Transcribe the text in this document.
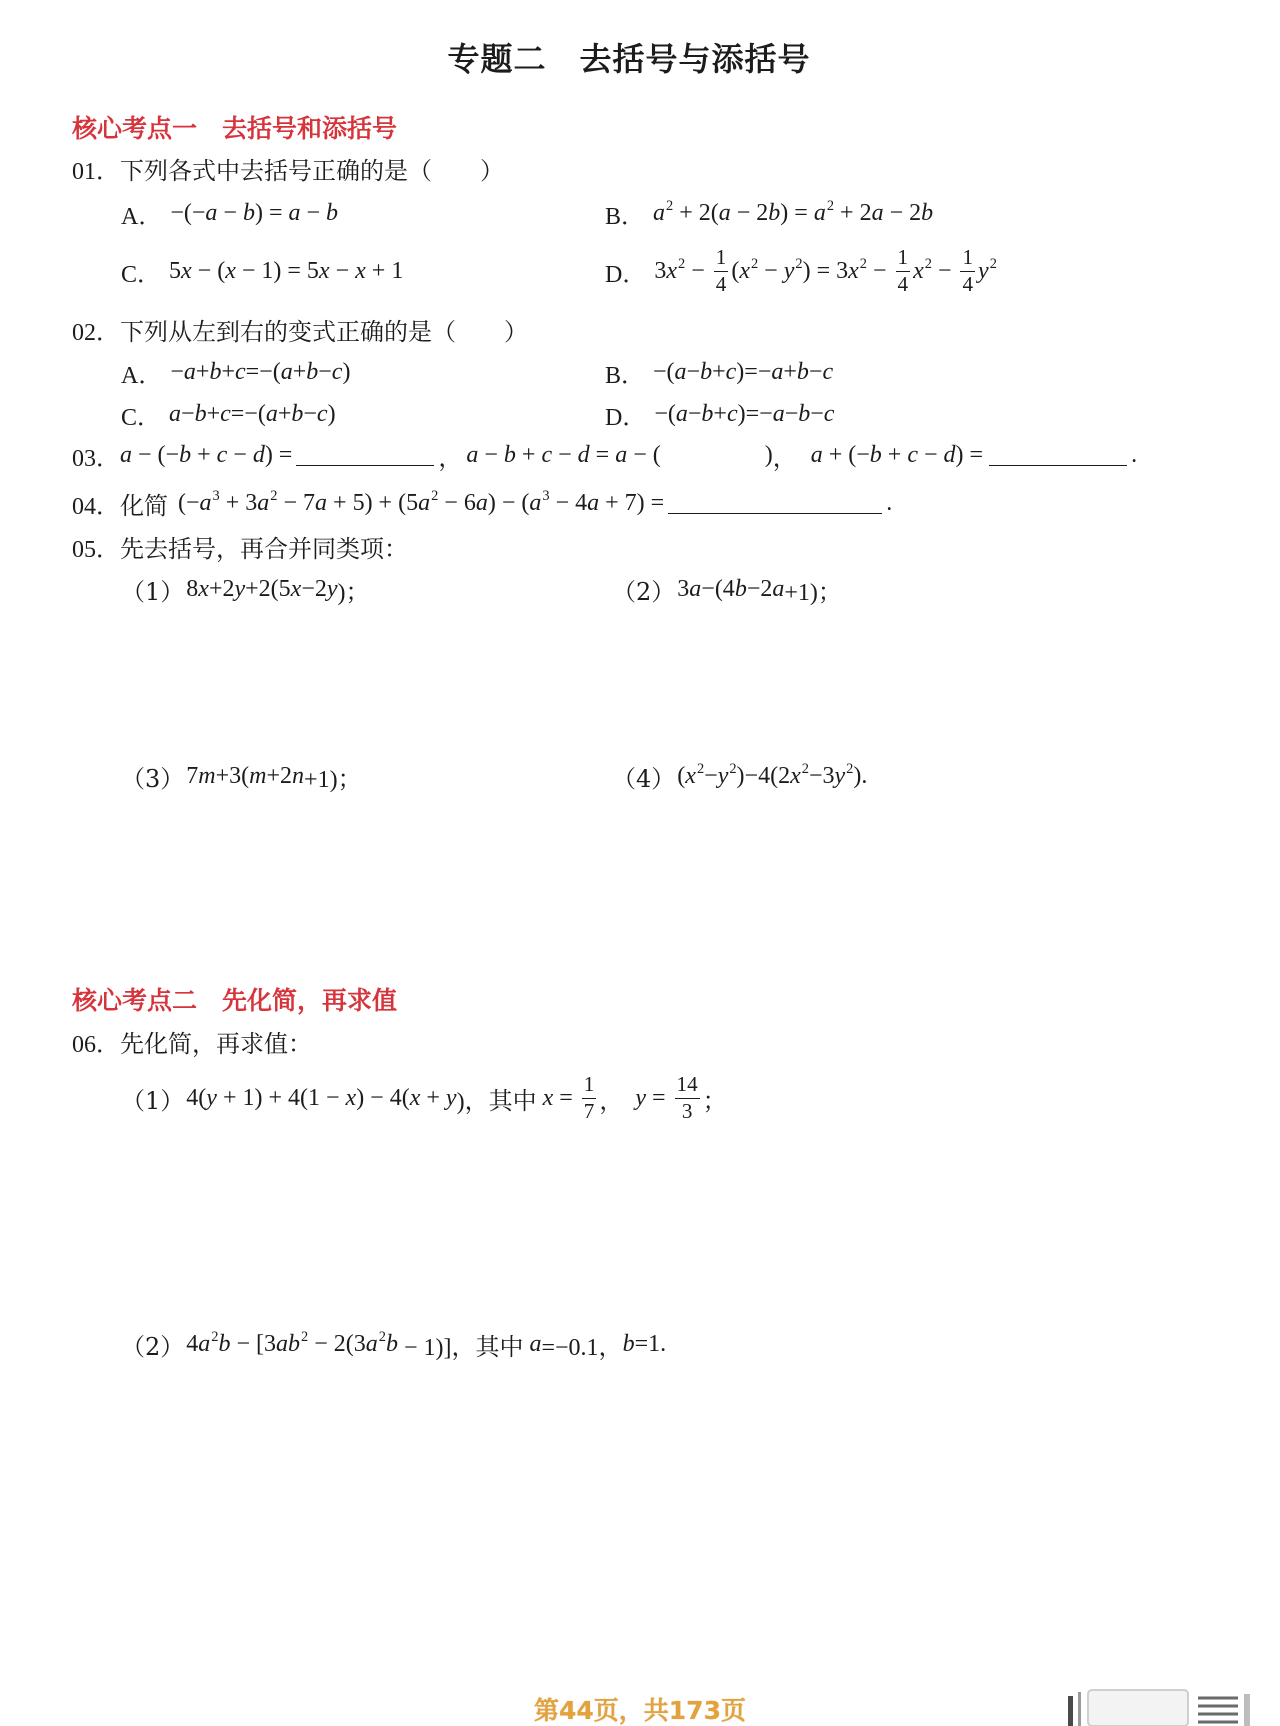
专题二　去括号与添括号
核心考点一　去括号和添括号
01． 下列各式中去括号正确的是（　　）
A． −(− a − b ) = a − b	B． a 2 + 2( a − 2 b ) = a 2 + 2 a − 2 b
C． 5 x − ( x − 1) = 5 x − x + 1	D． 3 x $2 - \frac{1}{4}$ ( x 2 − y 2 ) = 3 x $2 - \frac{1}{4}$ x $2 - \frac{1}{4}$ y 2
02． 下列从左到右的变式正确的是（　　）
A． − a + b + c =−( a + b − c )	B． −( a − b + c )=− a + b − c
C． a − b + c =−( a + b − c )	D． −( a − b + c )=− a − b − c
03． a − (− b + c − d ) =	， a − b + c − d = a − (	) ， a + (− b + c − d ) =	.
04． 化简 (− a 3 + 3 a 2 − 7 a + 5) + (5 a 2 − 6 a ) − ( a 3 − 4 a + 7) =	.
05． 先去括号，再合并同类项：
（1） 8 x +2 y +2(5 x −2 y )；	（2） 3 a −(4 b −2 a +1)；
（3） 7 m +3( m +2 n +1)；	（4） ( x 2 − y 2 )−4(2 x 2 −3 y 2 ).
核心考点二　先化简，再求值
06． 先化简，再求值：
（1） 4( y + 1) + 4(1 − x ) − 4( x + y )，其中 $x = \frac{1}{7}$ ， $y = \frac{14}{3}$ ；
（2） 4 a 2 b − [3 ab 2 − 2(3 a 2 b − 1)]，其中 a =−0.1， b =1.
第44页，共173页
